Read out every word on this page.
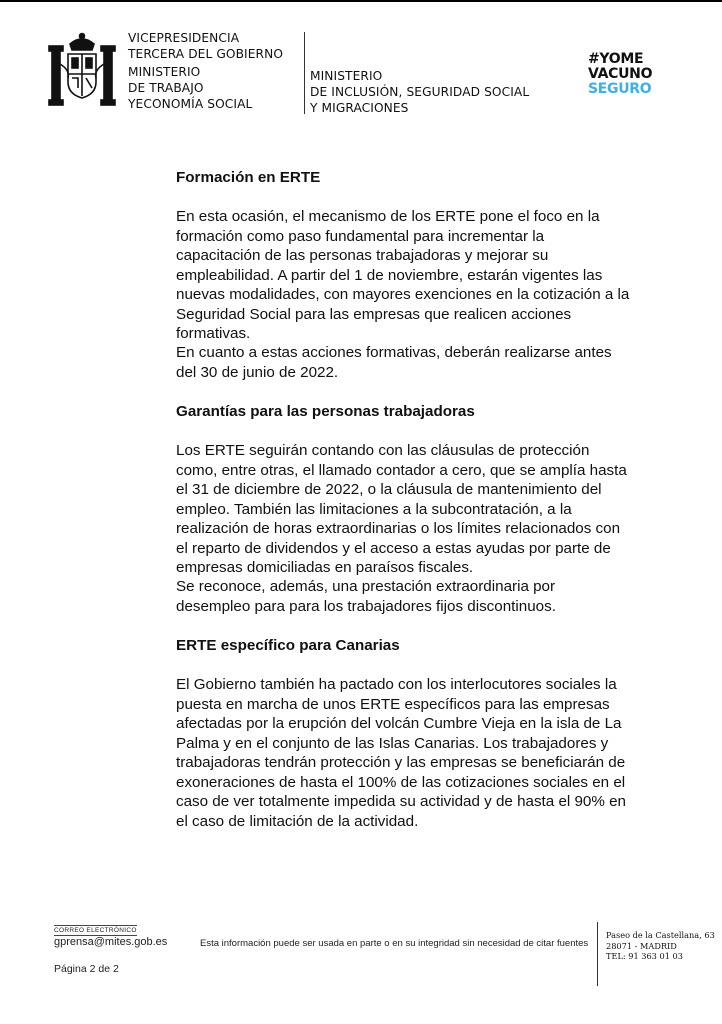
VICEPRESIDENCIA
TERCERA DEL GOBIERNO
MINISTERIO
DE TRABAJO
YECONOMÍA SOCIAL
MINISTERIO
DE INCLUSIÓN, SEGURIDAD SOCIAL
Y MIGRACIONES
#YOME
VACUNO
SEGURO
Formación en ERTE

En esta ocasión, el mecanismo de los ERTE pone el foco en la formación como paso fundamental para incrementar la capacitación de las personas trabajadoras y mejorar su empleabilidad. A partir del 1 de noviembre, estarán vigentes las nuevas modalidades, con mayores exenciones en la cotización a la Seguridad Social para las empresas que realicen acciones formativas.

En cuanto a estas acciones formativas, deberán realizarse antes del 30 de junio de 2022.

Garantías para las personas trabajadoras

Los ERTE seguirán contando con las cláusulas de protección como, entre otras, el llamado contador a cero, que se amplía hasta el 31 de diciembre de 2022, o la cláusula de mantenimiento del empleo. También las limitaciones a la subcontratación, a la realización de horas extraordinarias o los límites relacionados con el reparto de dividendos y el acceso a estas ayudas por parte de empresas domiciliadas en paraísos fiscales.

Se reconoce, además, una prestación extraordinaria por desempleo para para los trabajadores fijos discontinuos.

ERTE específico para Canarias

El Gobierno también ha pactado con los interlocutores sociales la puesta en marcha de unos ERTE específicos para las empresas afectadas por la erupción del volcán Cumbre Vieja en la isla de La Palma y en el conjunto de las Islas Canarias. Los trabajadores y trabajadoras tendrán protección y las empresas se beneficiarán de exoneraciones de hasta el 100% de las cotizaciones sociales en el caso de ver totalmente impedida su actividad y de hasta el 90% en el caso de limitación de la actividad.

CORREO ELECTRÓNICO
gprensa@mites.gob.es	Esta información puede ser usada en parte o en su integridad sin necesidad de citar fuentes
Página 2 de 2
Paseo de la Castellana, 63
28071 - MADRID
TEL: 91 363 01 03
